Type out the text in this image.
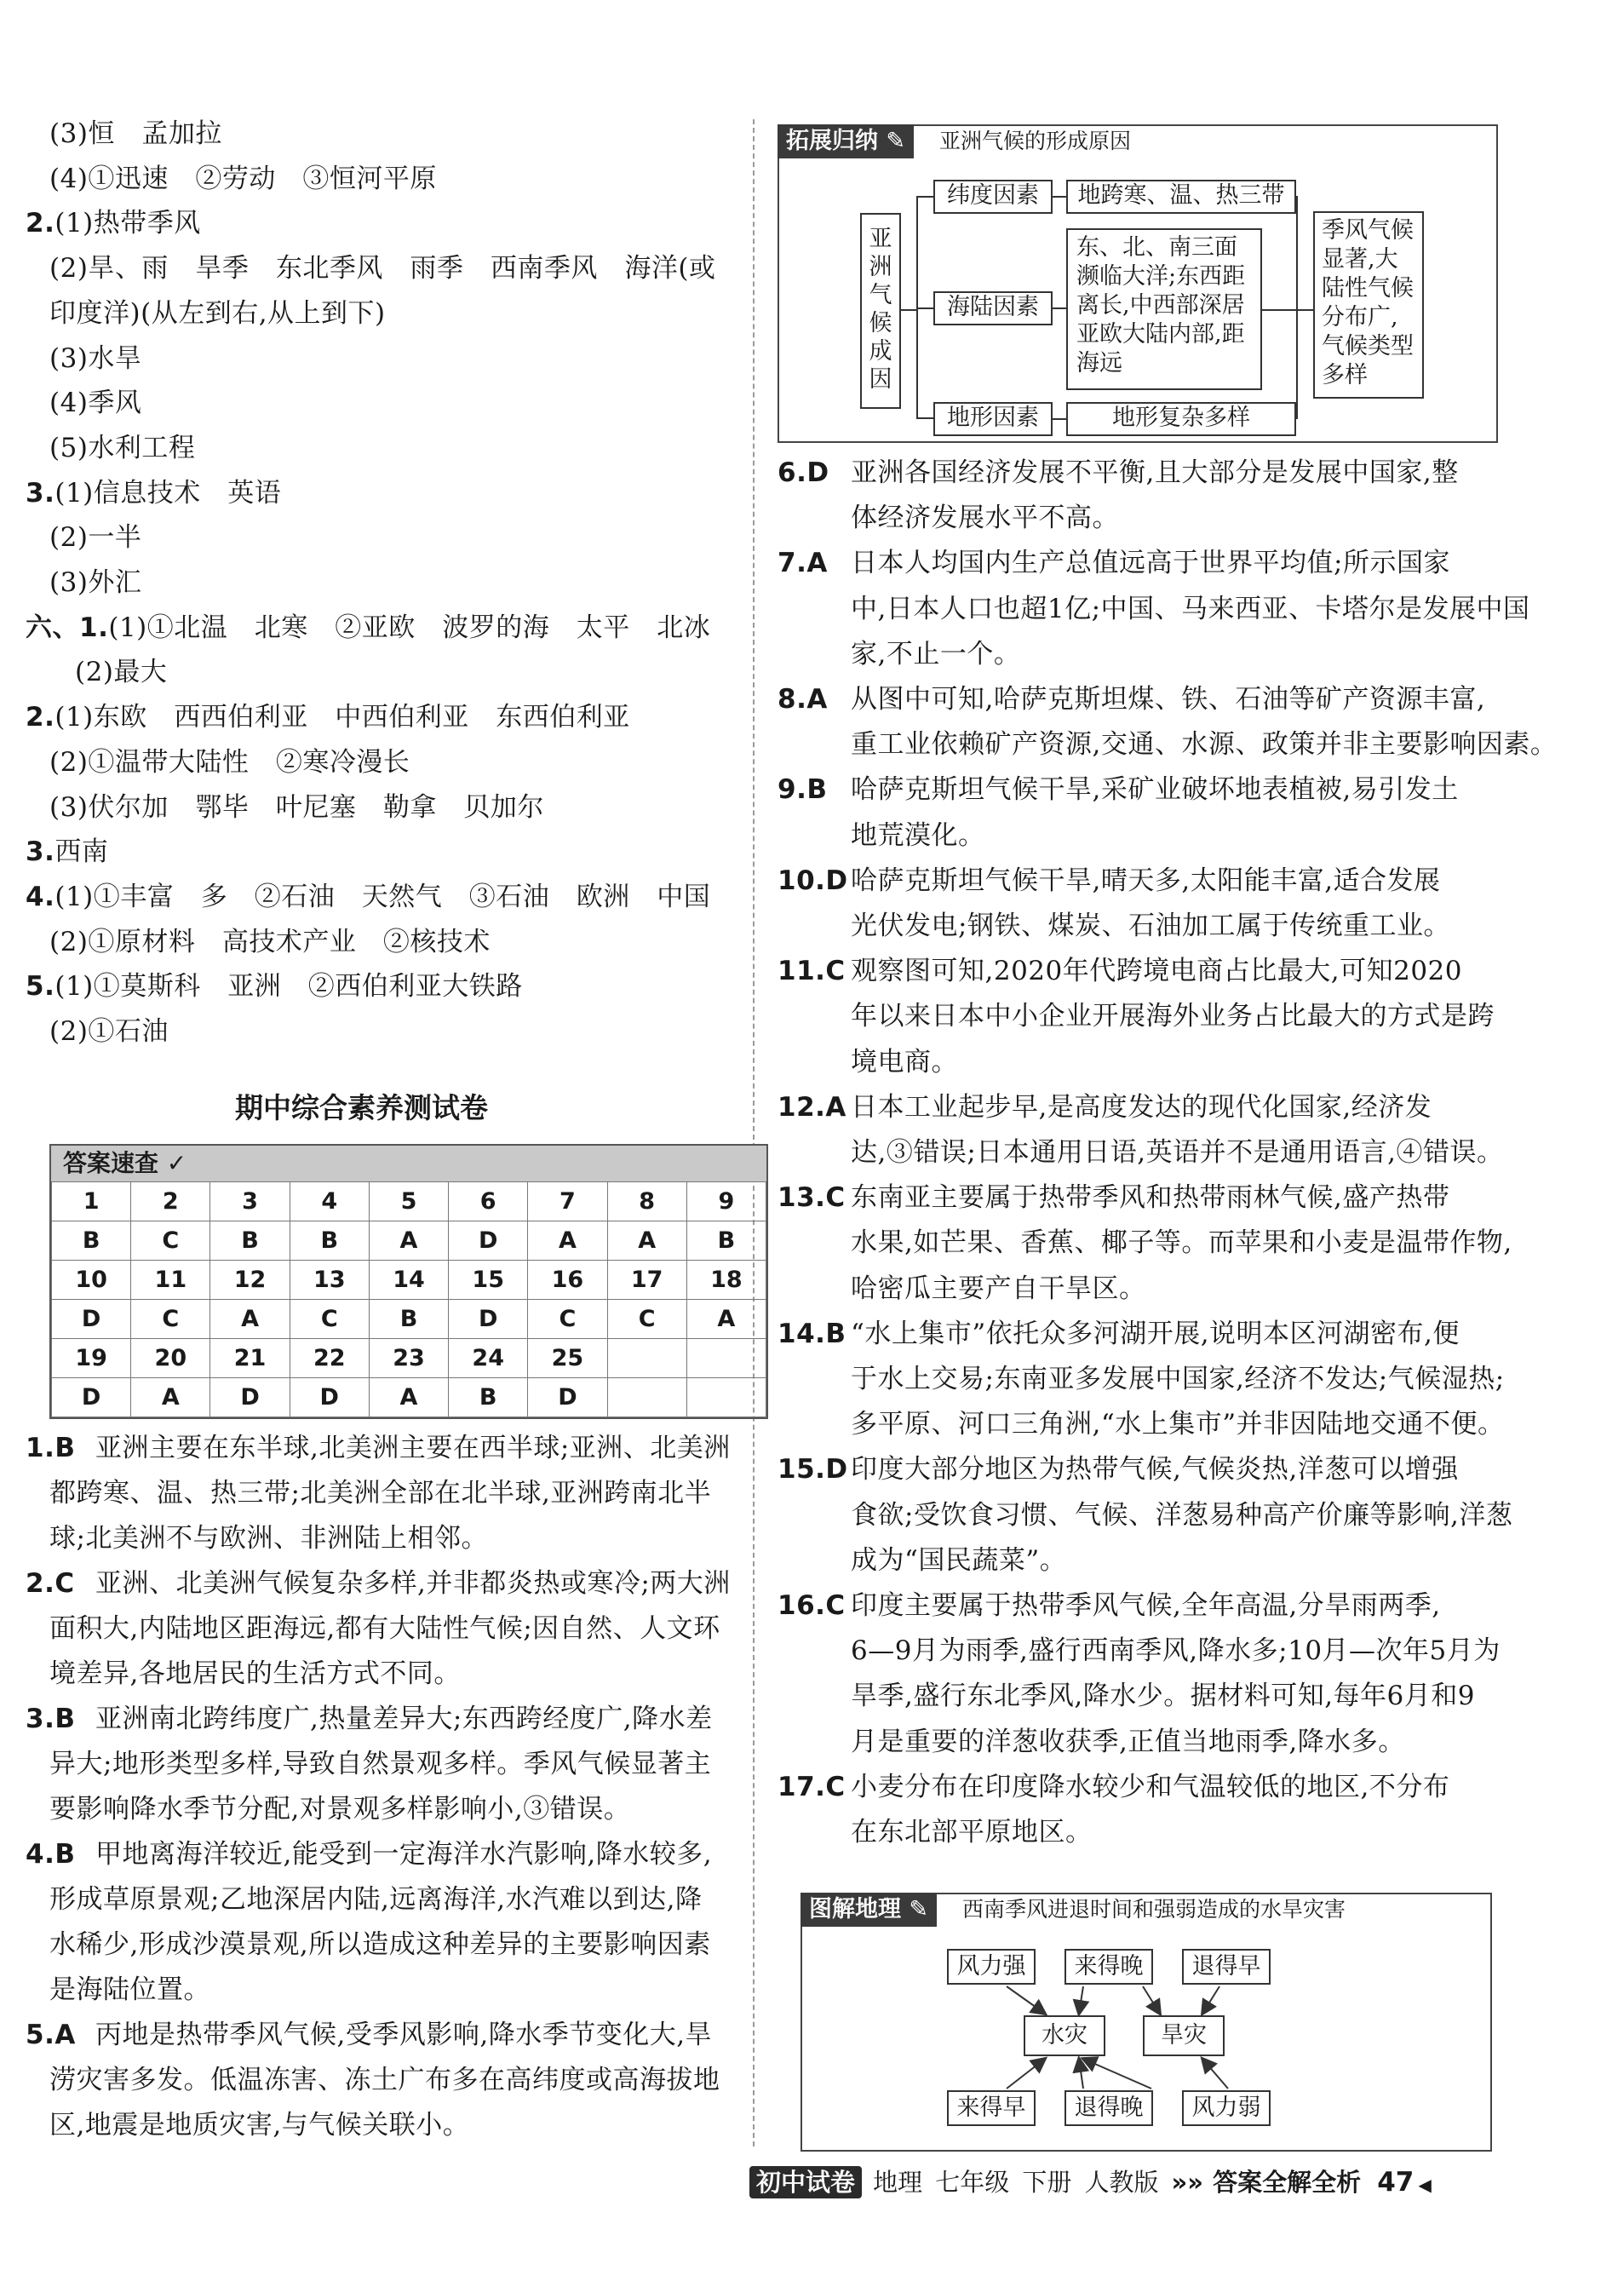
(3)恒　孟加拉
(4)①迅速　②劳动　③恒河平原
2.(1)热带季风
(2)旱、雨　旱季　东北季风　雨季　西南季风　海洋(或
印度洋)(从左到右,从上到下)
(3)水旱
(4)季风
(5)水利工程
3.(1)信息技术　英语
(2)一半
(3)外汇
六、1.(1)①北温　北寒　②亚欧　波罗的海　太平　北冰
(2)最大
2.(1)东欧　西西伯利亚　中西伯利亚　东西伯利亚
(2)①温带大陆性　②寒冷漫长
(3)伏尔加　鄂毕　叶尼塞　勒拿　贝加尔
3.西南
4.(1)①丰富　多　②石油　天然气　③石油　欧洲　中国
(2)①原材料　高技术产业　②核技术
5.(1)①莫斯科　亚洲　②西伯利亚大铁路
(2)①石油
期中综合素养测试卷
答案速查 ✓
1	2	3	4	5	6	7	8	9
B	C	B	B	A	D	A	A	B
10	11	12	13	14	15	16	17	18
D	C	A	C	B	D	C	C	A
19	20	21	22	23	24	25		
D	A	D	D	A	B	D		
1.B 亚洲主要在东半球,北美洲主要在西半球;亚洲、北美洲
都跨寒、温、热三带;北美洲全部在北半球,亚洲跨南北半
球;北美洲不与欧洲、非洲陆上相邻。
2.C 亚洲、北美洲气候复杂多样,并非都炎热或寒冷;两大洲
面积大,内陆地区距海远,都有大陆性气候;因自然、人文环
境差异,各地居民的生活方式不同。
3.B 亚洲南北跨纬度广,热量差异大;东西跨经度广,降水差
异大;地形类型多样,导致自然景观多样。季风气候显著主
要影响降水季节分配,对景观多样影响小,③错误。
4.B 甲地离海洋较近,能受到一定海洋水汽影响,降水较多,
形成草原景观;乙地深居内陆,远离海洋,水汽难以到达,降
水稀少,形成沙漠景观,所以造成这种差异的主要影响因素
是海陆位置。
5.A 丙地是热带季风气候,受季风影响,降水季节变化大,旱
涝灾害多发。低温冻害、冻土广布多在高纬度或高海拔地
区,地震是地质灾害,与气候关联小。
拓展归纳 ✎	亚洲气候的形成原因
亚洲气候成因
纬度因素
海陆因素
地形因素
地跨寒、温、热三带
东、北、南三面濒临大洋;东西距离长,中西部深居亚欧大陆内部,距海远
地形复杂多样
季风气候显著,大陆性气候分布广,气候类型多样
6.D 亚洲各国经济发展不平衡,且大部分是发展中国家,整
体经济发展水平不高。
7.A 日本人均国内生产总值远高于世界平均值;所示国家
中,日本人口也超1亿;中国、马来西亚、卡塔尔是发展中国
家,不止一个。
8.A 从图中可知,哈萨克斯坦煤、铁、石油等矿产资源丰富,
重工业依赖矿产资源,交通、水源、政策并非主要影响因素。
9.B 哈萨克斯坦气候干旱,采矿业破坏地表植被,易引发土
地荒漠化。
10.D 哈萨克斯坦气候干旱,晴天多,太阳能丰富,适合发展
光伏发电;钢铁、煤炭、石油加工属于传统重工业。
11.C 观察图可知,2020年代跨境电商占比最大,可知2020
年以来日本中小企业开展海外业务占比最大的方式是跨
境电商。
12.A 日本工业起步早,是高度发达的现代化国家,经济发
达,③错误;日本通用日语,英语并不是通用语言,④错误。
13.C 东南亚主要属于热带季风和热带雨林气候,盛产热带
水果,如芒果、香蕉、椰子等。而苹果和小麦是温带作物,
哈密瓜主要产自干旱区。
14.B “水上集市”依托众多河湖开展,说明本区河湖密布,便
于水上交易;东南亚多发展中国家,经济不发达;气候湿热;
多平原、河口三角洲,“水上集市”并非因陆地交通不便。
15.D 印度大部分地区为热带气候,气候炎热,洋葱可以增强
食欲;受饮食习惯、气候、洋葱易种高产价廉等影响,洋葱
成为“国民蔬菜”。
16.C 印度主要属于热带季风气候,全年高温,分旱雨两季,
6—9月为雨季,盛行西南季风,降水多;10月—次年5月为
旱季,盛行东北季风,降水少。据材料可知,每年6月和9
月是重要的洋葱收获季,正值当地雨季,降水多。
17.C 小麦分布在印度降水较少和气温较低的地区,不分布
在东北部平原地区。
图解地理 ✎	西南季风进退时间和强弱造成的水旱灾害
风力强	来得晚	退得早
水灾	旱灾
来得早	退得晚	风力弱
初中试卷 地理 七年级 下册 人教版 »» 答案全解全析 47 ◀
